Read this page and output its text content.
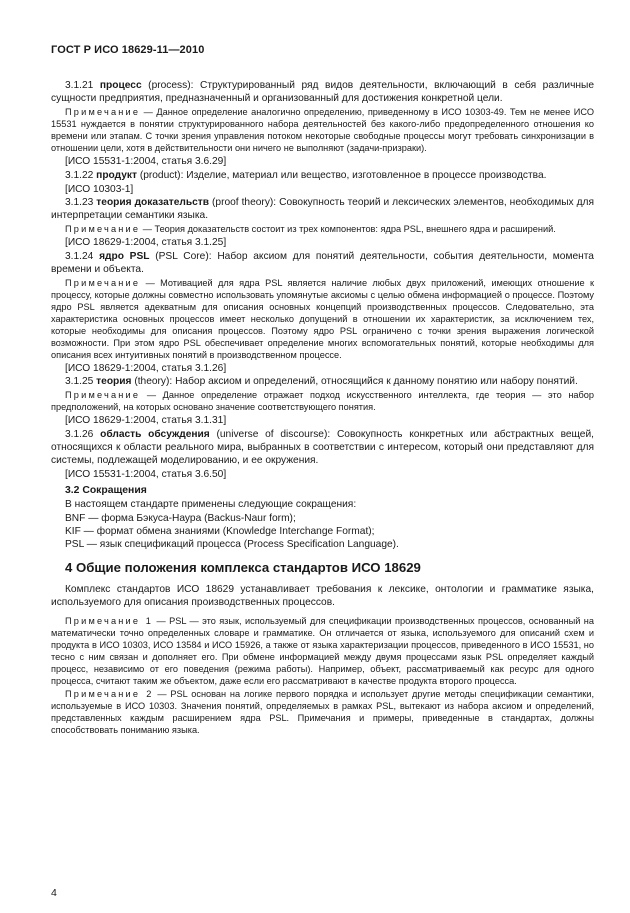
ГОСТ Р ИСО 18629-11—2010

3.1.21 процесс (process): Структурированный ряд видов деятельности, включающий в себя различные сущности предприятия, предназначенный и организованный для достижения конкретной цели.

Примечание — Данное определение аналогично определению, приведенному в ИСО 10303-49. Тем не менее ИСО 15531 нуждается в понятии структурированного набора деятельностей без какого-либо предопределенного отношения ко времени или этапам. С точки зрения управления потоком некоторые свободные процессы могут требовать синхронизации в отношении цели, хотя в действительности они ничего не выполняют (задачи-призраки).

[ИСО 15531-1:2004, статья 3.6.29]

3.1.22 продукт (product): Изделие, материал или вещество, изготовленное в процессе производства.

[ИСО 10303-1]

3.1.23 теория доказательств (proof theory): Совокупность теорий и лексических элементов, необходимых для интерпретации семантики языка.

Примечание — Теория доказательств состоит из трех компонентов: ядра PSL, внешнего ядра и расширений.

[ИСО 18629-1:2004, статья 3.1.25]

3.1.24 ядро PSL (PSL Core): Набор аксиом для понятий деятельности, события деятельности, момента времени и объекта.

Примечание — Мотивацией для ядра PSL является наличие любых двух приложений, имеющих отношение к процессу, которые должны совместно использовать упомянутые аксиомы с целью обмена информацией о процессе. Поэтому ядро PSL является адекватным для описания основных концепций производственных процессов. Следовательно, эта характеристика основных процессов имеет несколько допущений в отношении их характеристик, за исключением тех, которые необходимы для описания процессов. Поэтому ядро PSL ограничено с точки зрения выражения логической возможности. При этом ядро PSL обеспечивает определение многих вспомогательных понятий, которые необходимы для описания всех интуитивных понятий в производственном процессе.

[ИСО 18629-1:2004, статья 3.1.26]

3.1.25 теория (theory): Набор аксиом и определений, относящийся к данному понятию или набору понятий.

Примечание — Данное определение отражает подход искусственного интеллекта, где теория — это набор предположений, на которых основано значение соответствующего понятия.

[ИСО 18629-1:2004, статья 3.1.31]

3.1.26 область обсуждения (universe of discourse): Совокупность конкретных или абстрактных вещей, относящихся к области реального мира, выбранных в соответствии с интересом, который они представляют для системы, подлежащей моделированию, и ее окружения.

[ИСО 15531-1:2004, статья 3.6.50]

3.2 Сокращения

В настоящем стандарте применены следующие сокращения:

BNF — форма Бэкуса-Наура (Backus-Naur form);

KIF — формат обмена знаниями (Knowledge Interchange Format);

PSL — язык спецификаций процесса (Process Specification Language).

4 Общие положения комплекса стандартов ИСО 18629

Комплекс стандартов ИСО 18629 устанавливает требования к лексике, онтологии и грамматике языка, используемого для описания производственных процессов.

Примечание 1 — PSL — это язык, используемый для спецификации производственных процессов, основанный на математически точно определенных словаре и грамматике. Он отличается от языка, используемого для описаний схем и продукта в ИСО 10303, ИСО 13584 и ИСО 15926, а также от языка характеризации процессов, приведенного в ИСО 15531, но тесно с ним связан и дополняет его. При обмене информацией между двумя процессами язык PSL определяет каждый процесс, независимо от его поведения (режима работы). Например, объект, рассматриваемый как ресурс для одного процесса, считают таким же объектом, даже если его рассматривают в качестве продукта второго процесса.

Примечание 2 — PSL основан на логике первого порядка и использует другие методы спецификации семантики, используемые в ИСО 10303. Значения понятий, определяемых в рамках PSL, вытекают из набора аксиом и определений, представленных каждым расширением ядра PSL. Примечания и примеры, приведенные в стандартах, должны способствовать пониманию языка.

4
